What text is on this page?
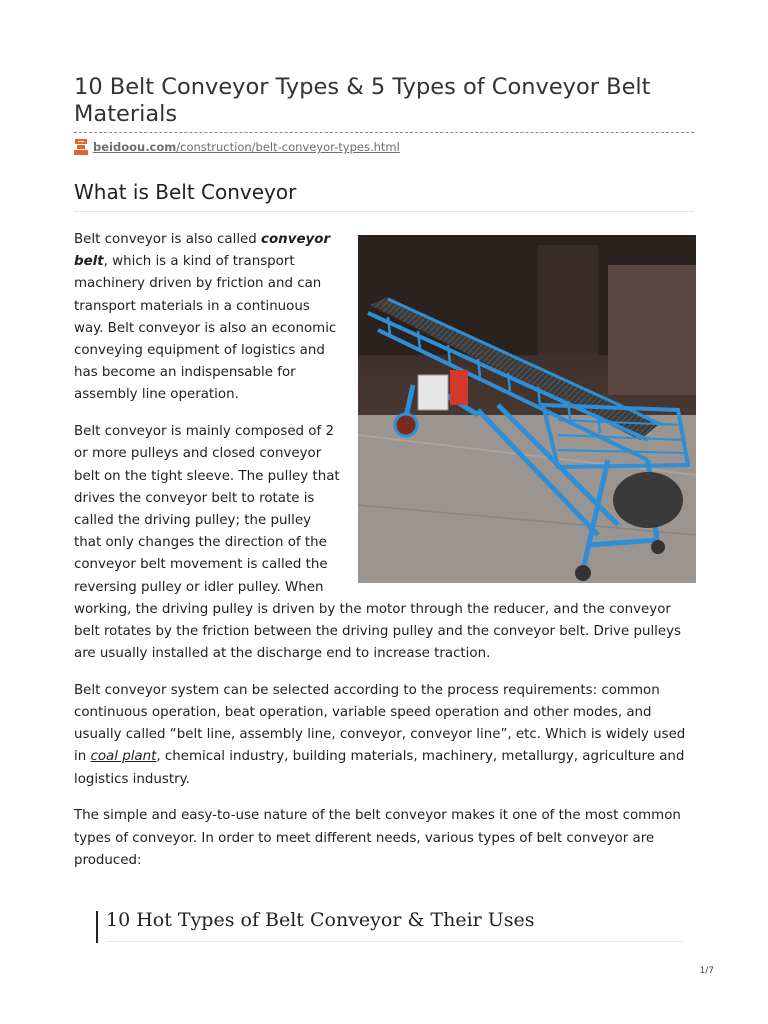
10 Belt Conveyor Types & 5 Types of Conveyor Belt Materials
beidoou.com /construction/belt-conveyor-types.html
What is Belt Conveyor

Belt conveyor is also called conveyor belt, which is a kind of transport machinery driven by friction and can transport materials in a continuous way. Belt conveyor is also an economic conveying equipment of logistics and has become an indispensable for assembly line operation.

Belt conveyor is mainly composed of 2 or more pulleys and closed conveyor belt on the tight sleeve. The pulley that drives the conveyor belt to rotate is called the driving pulley; the pulley that only changes the direction of the conveyor belt movement is called the reversing pulley or idler pulley. When working, the driving pulley is driven by the motor through the reducer, and the conveyor belt rotates by the friction between the driving pulley and the conveyor belt. Drive pulleys are usually installed at the discharge end to increase traction.

Belt conveyor system can be selected according to the process requirements: common continuous operation, beat operation, variable speed operation and other modes, and usually called “belt line, assembly line, conveyor, conveyor line”, etc. Which is widely used in coal plant, chemical industry, building materials, machinery, metallurgy, agriculture and logistics industry.

The simple and easy-to-use nature of the belt conveyor makes it one of the most common types of conveyor. In order to meet different needs, various types of belt conveyor are produced:

10 Hot Types of Belt Conveyor & Their Uses
1/7
